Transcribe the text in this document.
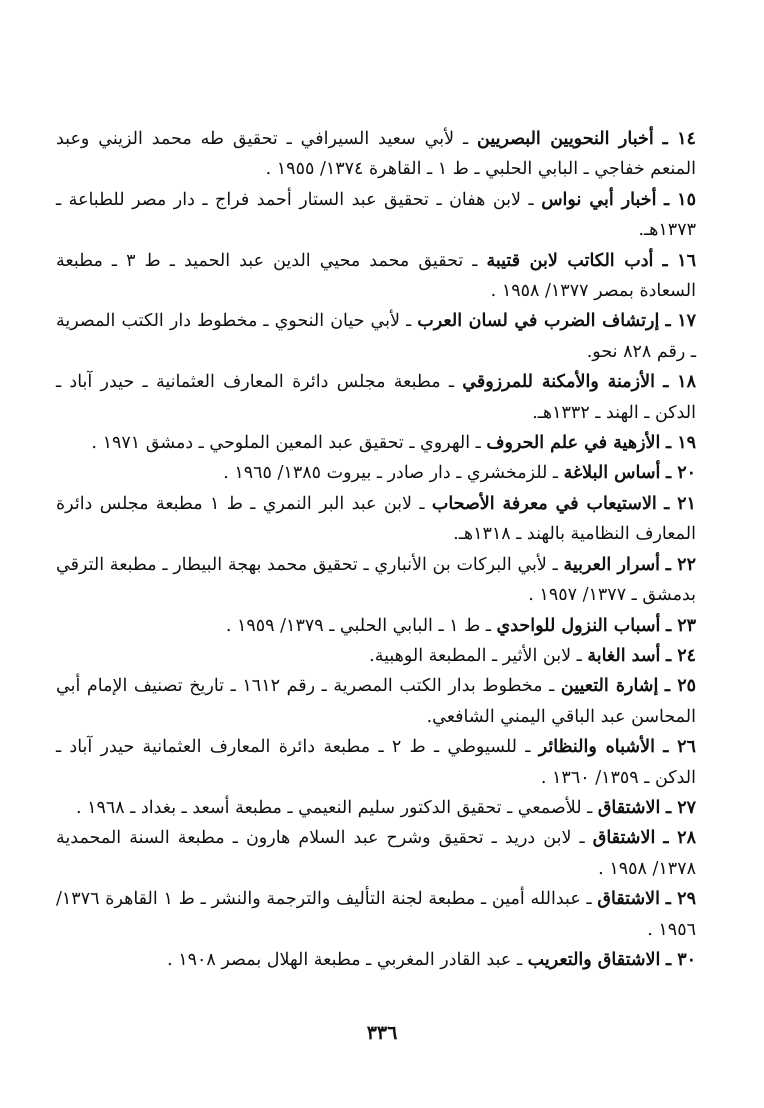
١٤ ـ أخبار النحويين البصريين ـ لأبي سعيد السيرافي ـ تحقيق طه محمد الزيني وعبد المنعم خفاجي ـ البابي الحلبي ـ ط ١ ـ القاهرة ١٣٧٤/ ١٩٥٥ .

١٥ ـ أخبار أبي نواس ـ لابن هفان ـ تحقيق عبد الستار أحمد فراج ـ دار مصر للطباعة ـ ١٣٧٣هـ.

١٦ ـ أدب الكاتب لابن قتيبة ـ تحقيق محمد محيي الدين عبد الحميد ـ ط ٣ ـ مطبعة السعادة بمصر ١٣٧٧/ ١٩٥٨ .

١٧ ـ إرتشاف الضرب في لسان العرب ـ لأبي حيان النحوي ـ مخطوط دار الكتب المصرية ـ رقم ٨٢٨ نحو.

١٨ ـ الأزمنة والأمكنة للمرزوقي ـ مطبعة مجلس دائرة المعارف العثمانية ـ حيدر آباد ـ الدكن ـ الهند ـ ١٣٣٢هـ.

١٩ ـ الأزهية في علم الحروف ـ الهروي ـ تحقيق عبد المعين الملوحي ـ دمشق ١٩٧١ .

٢٠ ـ أساس البلاغة ـ للزمخشري ـ دار صادر ـ بيروت ١٣٨٥/ ١٩٦٥ .

٢١ ـ الاستيعاب في معرفة الأصحاب ـ لابن عبد البر النمري ـ ط ١ مطبعة مجلس دائرة المعارف النظامية بالهند ـ ١٣١٨هـ.

٢٢ ـ أسرار العربية ـ لأبي البركات بن الأنباري ـ تحقيق محمد بهجة البيطار ـ مطبعة الترقي بدمشق ـ ١٣٧٧/ ١٩٥٧ .

٢٣ ـ أسباب النزول للواحدي ـ ط ١ ـ البابي الحلبي ـ ١٣٧٩/ ١٩٥٩ .

٢٤ ـ أسد الغابة ـ لابن الأثير ـ المطبعة الوهبية.

٢٥ ـ إشارة التعيين ـ مخطوط بدار الكتب المصرية ـ رقم ١٦١٢ ـ تاريخ تصنيف الإمام أبي المحاسن عبد الباقي اليمني الشافعي.

٢٦ ـ الأشباه والنظائر ـ للسيوطي ـ ط ٢ ـ مطبعة دائرة المعارف العثمانية حيدر آباد ـ الدكن ـ ١٣٥٩/ ١٣٦٠ .

٢٧ ـ الاشتقاق ـ للأصمعي ـ تحقيق الدكتور سليم النعيمي ـ مطبعة أسعد ـ بغداد ـ ١٩٦٨ .

٢٨ ـ الاشتقاق ـ لابن دريد ـ تحقيق وشرح عبد السلام هارون ـ مطبعة السنة المحمدية ١٣٧٨/ ١٩٥٨ .

٢٩ ـ الاشتقاق ـ عبدالله أمين ـ مطبعة لجنة التأليف والترجمة والنشر ـ ط ١ القاهرة ١٣٧٦/ ١٩٥٦ .

٣٠ ـ الاشتقاق والتعريب ـ عبد القادر المغربي ـ مطبعة الهلال بمصر ١٩٠٨ .

٣٣٦
